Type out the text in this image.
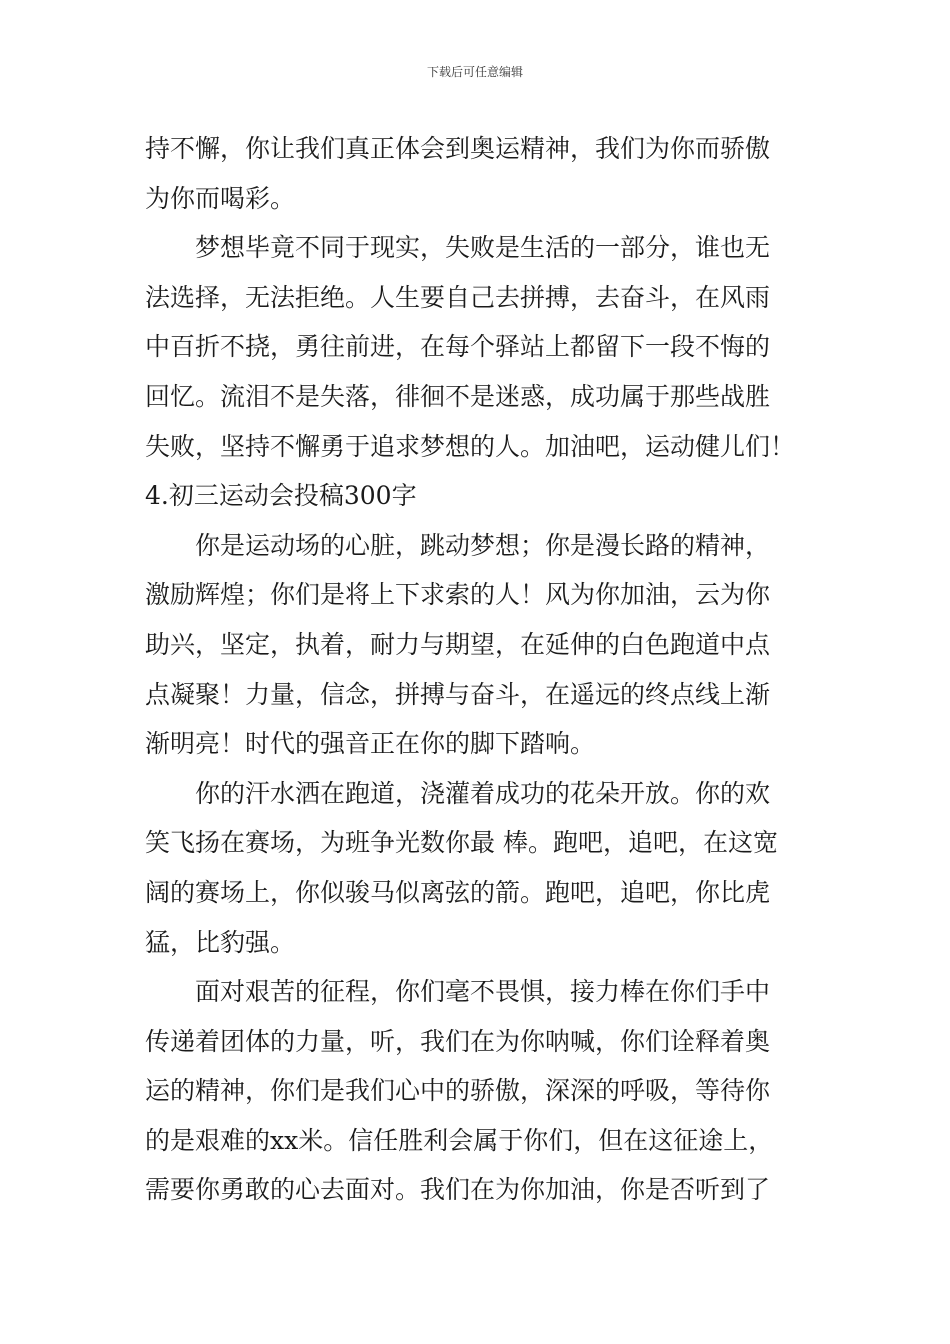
下载后可任意编辑
持不懈，你让我们真正体会到奥运精神，我们为你而骄傲
为你而喝彩。
梦想毕竟不同于现实，失败是生活的一部分，谁也无
法选择，无法拒绝。人生要自己去拼搏，去奋斗，在风雨
中百折不挠，勇往前进，在每个驿站上都留下一段不悔的
回忆。流泪不是失落，徘徊不是迷惑，成功属于那些战胜
失败，坚持不懈勇于追求梦想的人。加油吧，运动健儿们！
4.初三运动会投稿300字
你是运动场的心脏，跳动梦想；你是漫长路的精神，
激励辉煌；你们是将上下求索的人！风为你加油，云为你
助兴，坚定，执着，耐力与期望，在延伸的白色跑道中点
点凝聚！力量，信念，拼搏与奋斗，在遥远的终点线上渐
渐明亮！时代的强音正在你的脚下踏响。
你的汗水洒在跑道，浇灌着成功的花朵开放。你的欢
笑飞扬在赛场，为班争光数你最 棒。跑吧，追吧，在这宽
阔的赛场上，你似骏马似离弦的箭。跑吧，追吧，你比虎
猛，比豹强。
面对艰苦的征程，你们毫不畏惧，接力棒在你们手中
传递着团体的力量，听，我们在为你呐喊，你们诠释着奥
运的精神，你们是我们心中的骄傲，深深的呼吸，等待你
的是艰难的xx米。信任胜利会属于你们，但在这征途上，
需要你勇敢的心去面对。我们在为你加油，你是否听到了
